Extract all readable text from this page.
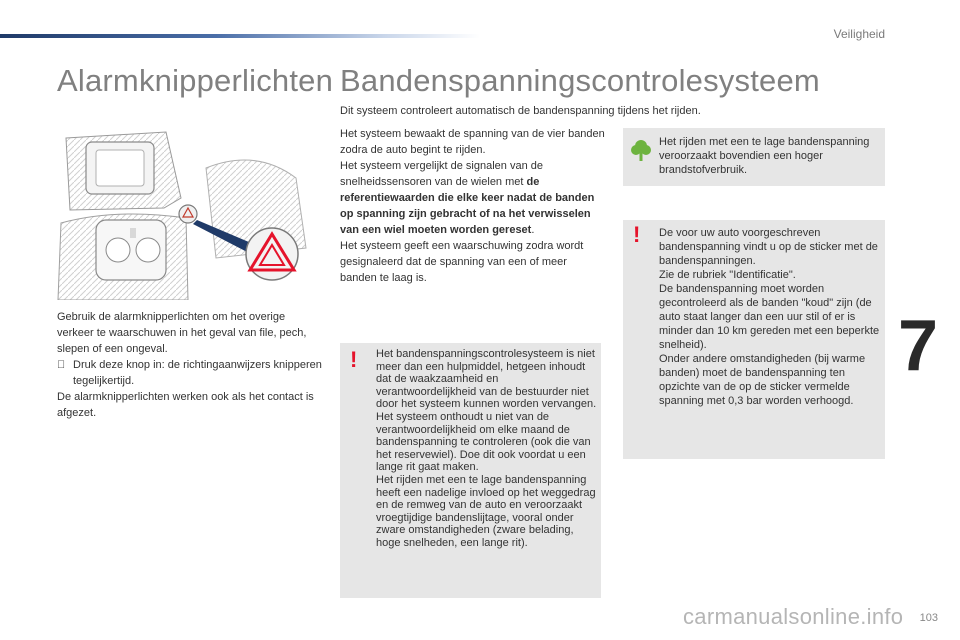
Veiligheid
7
103
Alarmknipperlichten Bandenspanningscontrolesysteem

Gebruik de alarmknipperlichten om het overige verkeer te waarschuwen in het geval van file, pech, slepen of een ongeval.

Druk deze knop in: de richtingaanwijzers knipperen tegelijkertijd.

De alarmknipperlichten werken ook als het contact is afgezet.

Dit systeem controleert automatisch de bandenspanning tijdens het rijden.

Het systeem bewaakt de spanning van de vier banden zodra de auto begint te rijden.

Het systeem vergelijkt de signalen van de snelheidssensoren van de wielen met de referentiewaarden die elke keer nadat de banden op spanning zijn gebracht of na het verwisselen van een wiel moeten worden gereset.

Het systeem geeft een waarschuwing zodra wordt gesignaleerd dat de spanning van een of meer banden te laag is.

! Het bandenspanningscontrolesysteem is niet meer dan een hulpmiddel, hetgeen inhoudt dat de waakzaamheid en verantwoordelijkheid van de bestuurder niet door het systeem kunnen worden vervangen.

Het systeem onthoudt u niet van de verantwoordelijkheid om elke maand de bandenspanning te controleren (ook die van het reservewiel). Doe dit ook voordat u een lange rit gaat maken.

Het rijden met een te lage bandenspanning heeft een nadelige invloed op het weggedrag en de remweg van de auto en veroorzaakt vroegtijdige bandenslijtage, vooral onder zware omstandigheden (zware belading, hoge snelheden, een lange rit).

Het rijden met een te lage bandenspanning veroorzaakt bovendien een hoger brandstofverbruik.
! De voor uw auto voorgeschreven bandenspanning vindt u op de sticker met de bandenspanningen.

Zie de rubriek "Identificatie".

De bandenspanning moet worden gecontroleerd als de banden "koud" zijn (de auto staat langer dan een uur stil of er is minder dan 10 km gereden met een beperkte snelheid).

Onder andere omstandigheden (bij warme banden) moet de bandenspanning ten opzichte van de op de sticker vermelde spanning met 0,3 bar worden verhoogd.

carmanualsonline.info
